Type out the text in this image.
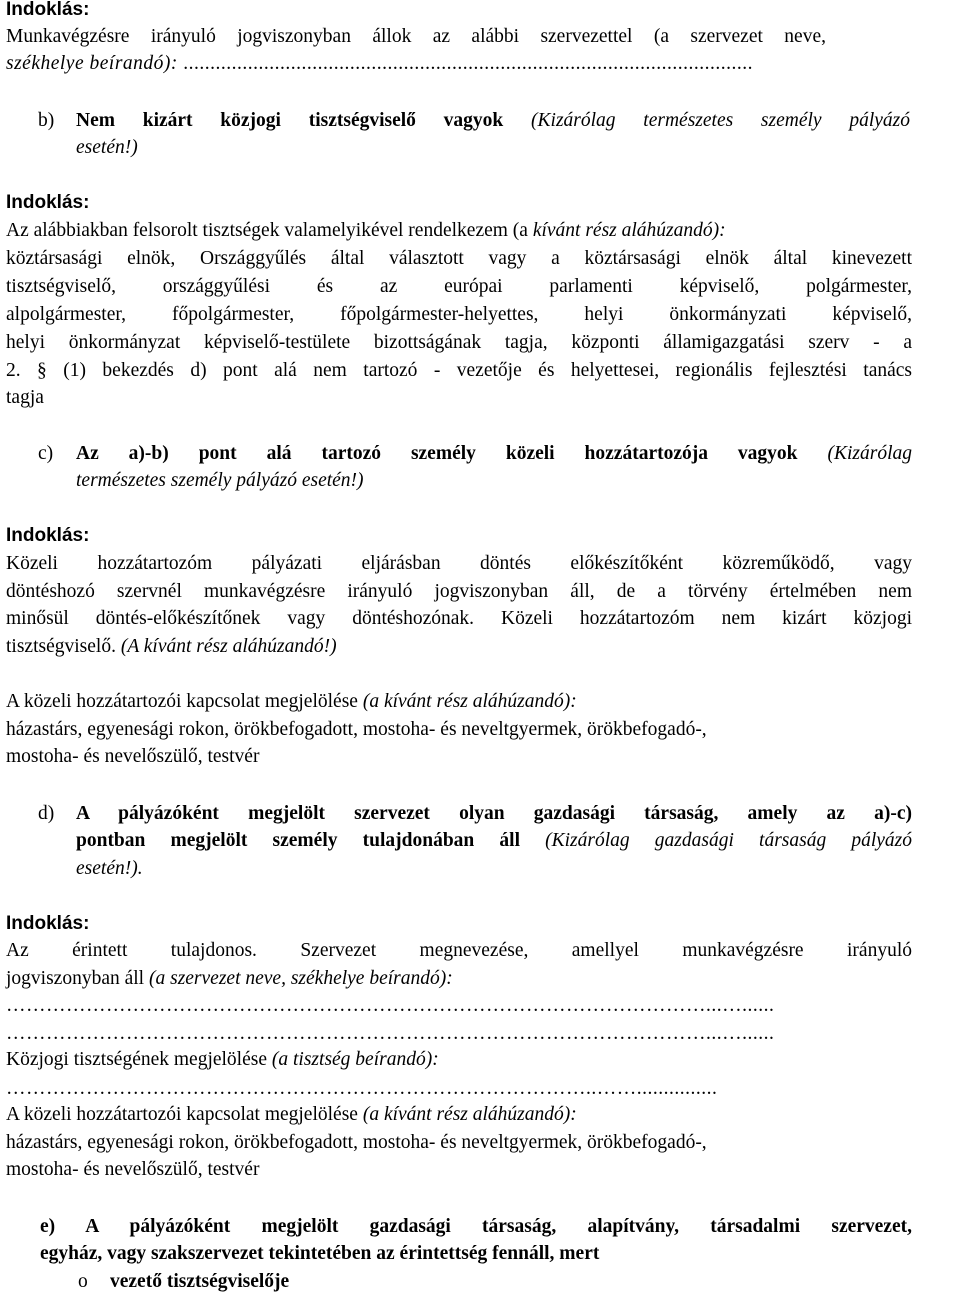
Indoklás:
Munkavégzésre irányuló jogviszonyban állok az alábbi szervezettel (a szervezet neve,
székhelye beírandó): ..........................................................................................................
b) Nem kizárt közjogi tisztségviselő vagyok (Kizárólag természetes személy pályázó
esetén!)
Indoklás:
Az alábbiakban felsorolt tisztségek valamelyikével rendelkezem (a kívánt rész aláhúzandó):
köztársasági elnök, Országgyűlés által választott vagy a köztársasági elnök által kinevezett
tisztségviselő, országgyűlési és az európai parlamenti képviselő, polgármester,
alpolgármester, főpolgármester, főpolgármester-helyettes, helyi önkormányzati képviselő,
helyi önkormányzat képviselő-testülete bizottságának tagja, központi államigazgatási szerv - a
2. § (1) bekezdés d) pont alá nem tartozó - vezetője és helyettesei, regionális fejlesztési tanács
tagja
c) Az a)-b) pont alá tartozó személy közeli hozzátartozója vagyok (Kizárólag
természetes személy pályázó esetén!)
Indoklás:
Közeli hozzátartozóm pályázati eljárásban döntés előkészítőként közreműködő, vagy
döntéshozó szervnél munkavégzésre irányuló jogviszonyban áll, de a törvény értelmében nem
minősül döntés-előkészítőnek vagy döntéshozónak. Közeli hozzátartozóm nem kizárt közjogi
tisztségviselő. (A kívánt rész aláhúzandó!)
A közeli hozzátartozói kapcsolat megjelölése (a kívánt rész aláhúzandó):
házastárs, egyenesági rokon, örökbefogadott, mostoha- és neveltgyermek, örökbefogadó-,
mostoha- és nevelőszülő, testvér
d) A pályázóként megjelölt szervezet olyan gazdasági társaság, amely az a)-c)
pontban megjelölt személy tulajdonában áll (Kizárólag gazdasági társaság pályázó
esetén!).
Indoklás:
Az érintett tulajdonos. Szervezet megnevezése, amellyel munkavégzésre irányuló
jogviszonyban áll (a szervezet neve, székhelye beírandó):
……………………………………………………………………………………………...…......
……………………………………………………………………………………………...…......
Közjogi tisztségének megjelölése (a tisztség beírandó):
……………………………………………………………………………..……...............
A közeli hozzátartozói kapcsolat megjelölése (a kívánt rész aláhúzandó):
házastárs, egyenesági rokon, örökbefogadott, mostoha- és neveltgyermek, örökbefogadó-,
mostoha- és nevelőszülő, testvér
e) A pályázóként megjelölt gazdasági társaság, alapítvány, társadalmi szervezet,
egyház, vagy szakszervezet tekintetében az érintettség fennáll, mert
o vezető tisztségviselője
